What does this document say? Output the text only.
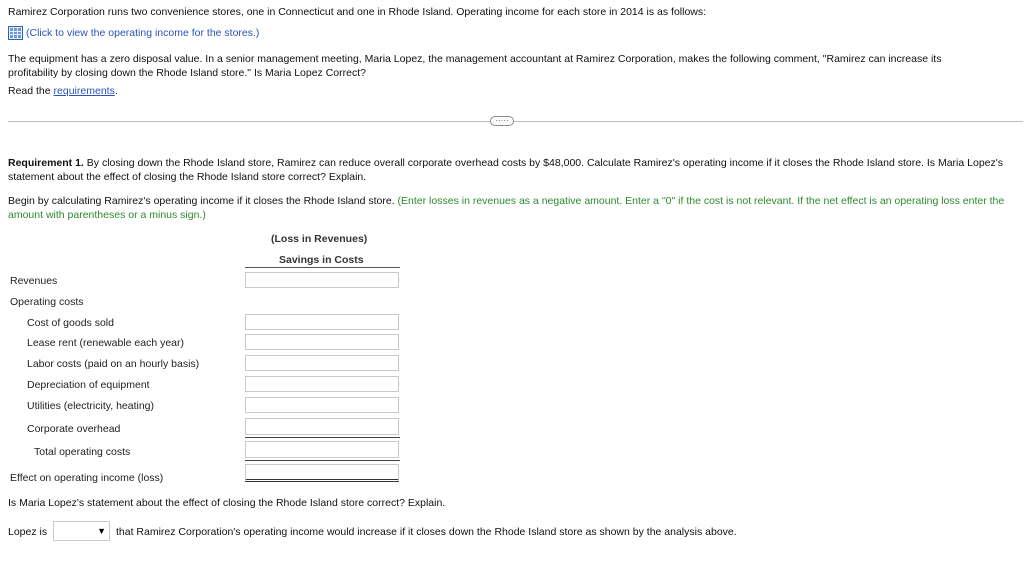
Ramirez Corporation runs two convenience stores, one in Connecticut and one in Rhode Island. Operating income for each store in 2014 is as follows:
(Click to view the operating income for the stores.)
The equipment has a zero disposal value. In a senior management meeting, Maria Lopez, the management accountant at Ramirez Corporation, makes the following comment, "Ramirez can increase its profitability by closing down the Rhode Island store." Is Maria Lopez Correct?
Read the requirements.
·····
Requirement 1. By closing down the Rhode Island store, Ramirez can reduce overall corporate overhead costs by $48,000. Calculate Ramirez's operating income if it closes the Rhode Island store. Is Maria Lopez's statement about the effect of closing the Rhode Island store correct? Explain.
Begin by calculating Ramirez's operating income if it closes the Rhode Island store. (Enter losses in revenues as a negative amount. Enter a "0" if the cost is not relevant. If the net effect is an operating loss enter the amount with parentheses or a minus sign.)
(Loss in Revenues)
Savings in Costs
Revenues
Operating costs
Cost of goods sold
Lease rent (renewable each year)
Labor costs (paid on an hourly basis)
Depreciation of equipment
Utilities (electricity, heating)
Corporate overhead
Total operating costs
Effect on operating income (loss)
Is Maria Lopez's statement about the effect of closing the Rhode Island store correct? Explain.
Lopez is	▼ that Ramirez Corporation's operating income would increase if it closes down the Rhode Island store as shown by the analysis above.
